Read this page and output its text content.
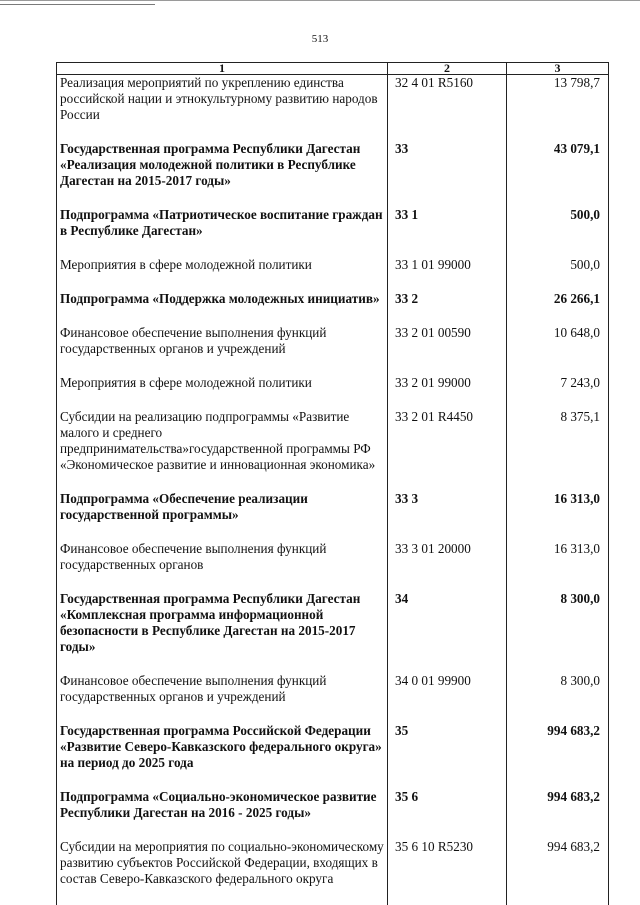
513
1	2	3
Реализация мероприятий по укреплению единства российской нации и этнокультурному развитию народов России	32 4 01 R5160	13 798,7
Государственная программа Республики Дагестан «Реализация молодежной политики в Республике Дагестан на 2015-2017 годы»	33	43 079,1
Подпрограмма «Патриотическое воспитание граждан в Республике Дагестан»	33 1	500,0
Мероприятия в сфере молодежной политики	33 1 01 99000	500,0
Подпрограмма «Поддержка молодежных инициатив»	33 2	26 266,1
Финансовое обеспечение выполнения функций государственных органов и учреждений	33 2 01 00590	10 648,0
Мероприятия в сфере молодежной политики	33 2 01 99000	7 243,0
Субсидии на реализацию подпрограммы «Развитие малого и среднего предпринимательства»государственной программы РФ «Экономическое развитие и инновационная экономика»	33 2 01 R4450	8 375,1
Подпрограмма «Обеспечение реализации государственной программы»	33 3	16 313,0
Финансовое обеспечение выполнения функций государственных органов	33 3 01 20000	16 313,0
Государственная программа Республики Дагестан «Комплексная программа информационной безопасности в Республике Дагестан на 2015-2017 годы»	34	8 300,0
Финансовое обеспечение выполнения функций государственных органов и учреждений	34 0 01 99900	8 300,0
Государственная программа Российской Федерации «Развитие Северо-Кавказского федерального округа» на период до 2025 года	35	994 683,2
Подпрограмма «Социально-экономическое развитие Республики Дагестан на 2016 - 2025 годы»	35 6	994 683,2
Субсидии на мероприятия по социально-экономическому развитию субъектов Российской Федерации, входящих в состав Северо-Кавказского федерального округа	35 6 10 R5230	994 683,2
